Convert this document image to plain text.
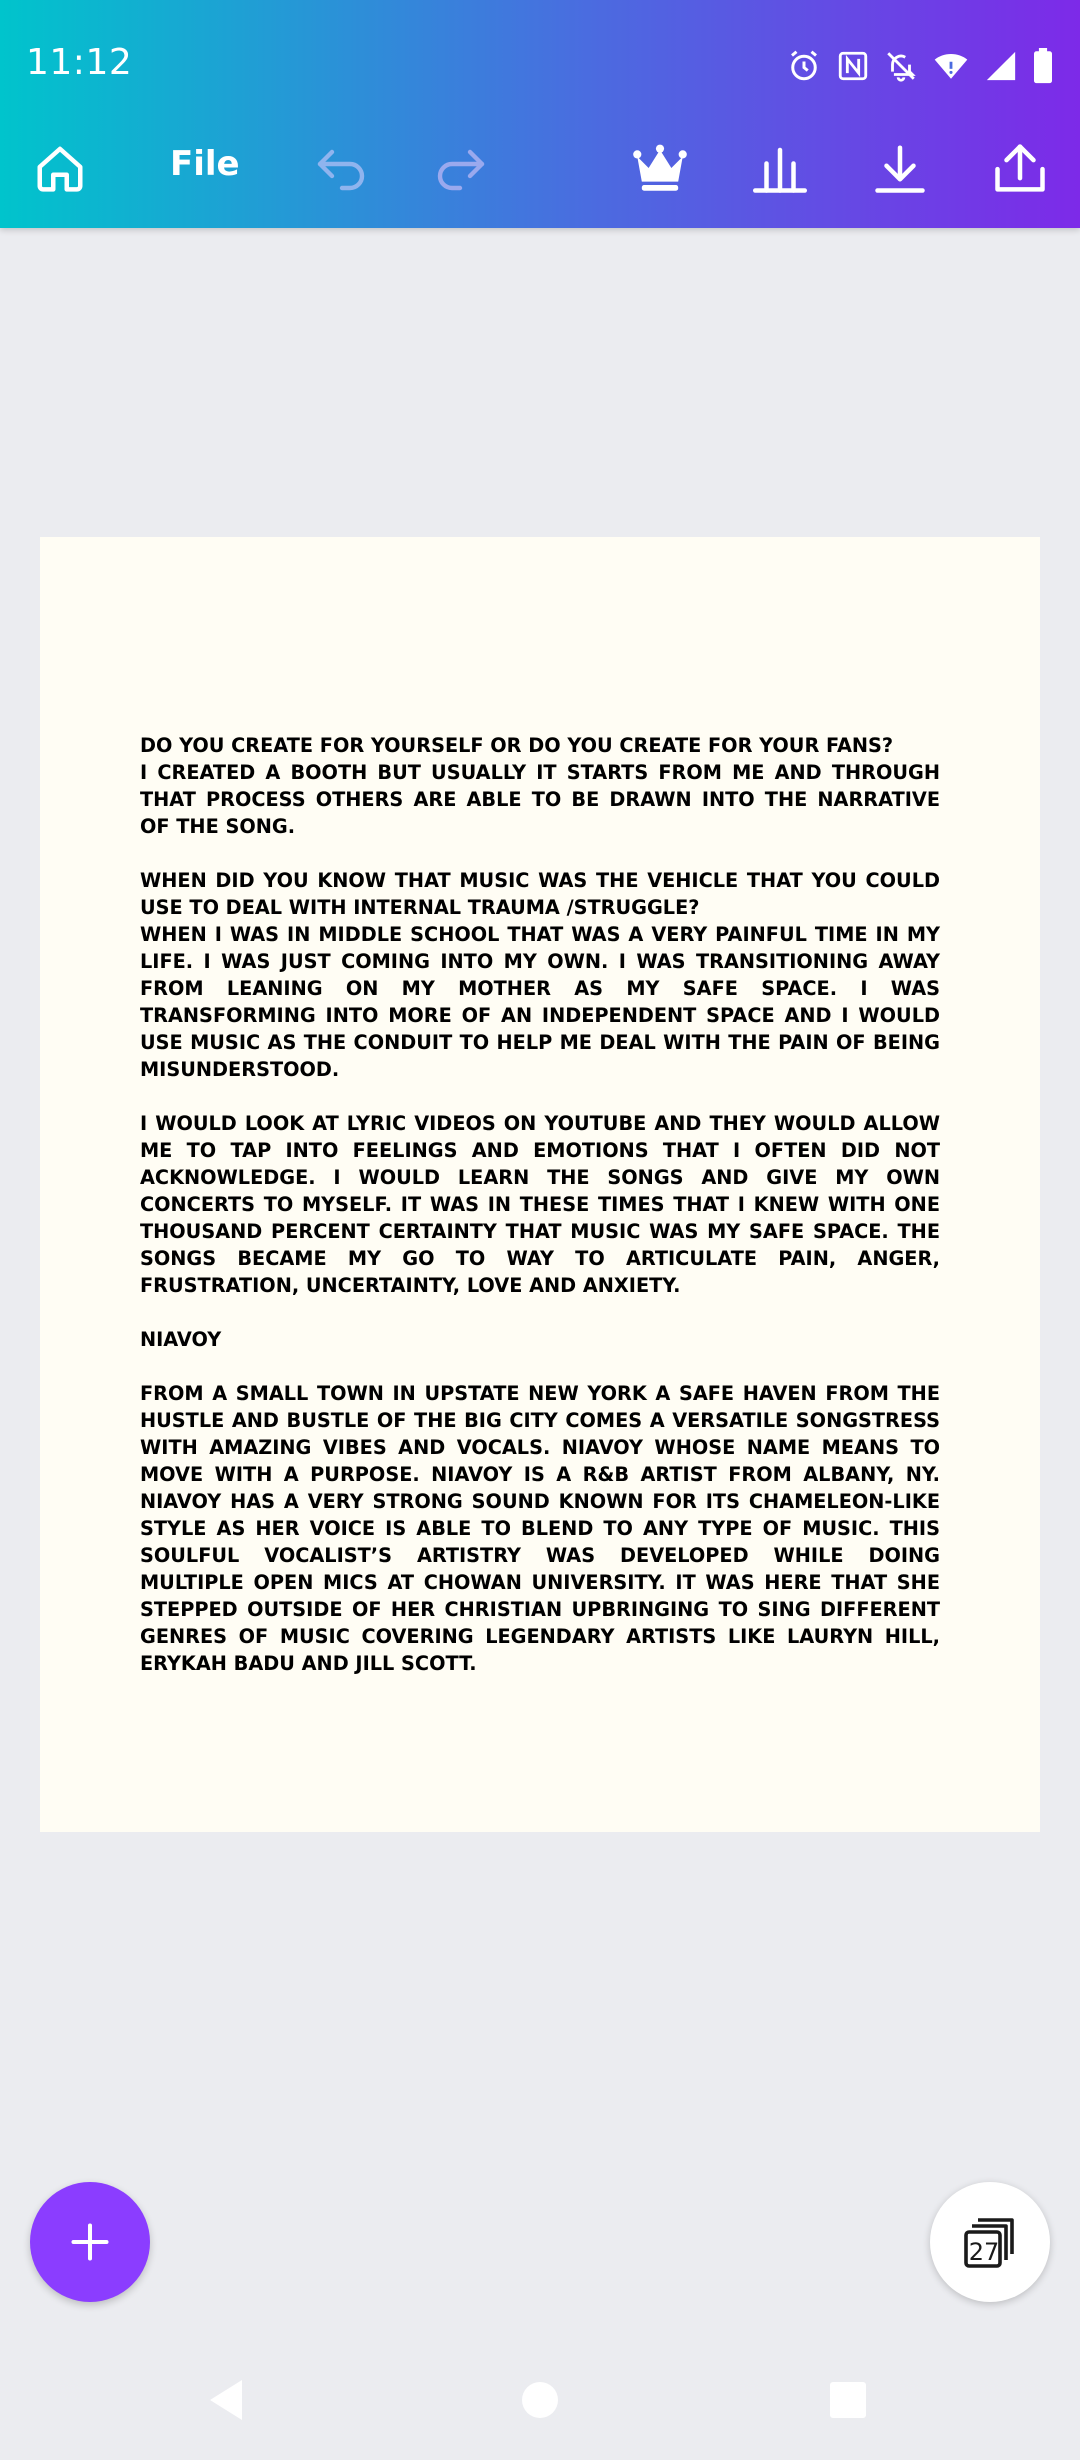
11:12
File

DO YOU CREATE FOR YOURSELF OR DO YOU CREATE FOR YOUR FANS?

I CREATED A BOOTH BUT USUALLY IT STARTS FROM ME AND THROUGH THAT PROCESS OTHERS ARE ABLE TO BE DRAWN INTO THE NARRATIVE OF THE SONG.

WHEN DID YOU KNOW THAT MUSIC WAS THE VEHICLE THAT YOU COULD USE TO DEAL WITH INTERNAL TRAUMA /STRUGGLE?

WHEN I WAS IN MIDDLE SCHOOL THAT WAS A VERY PAINFUL TIME IN MY LIFE. I WAS JUST COMING INTO MY OWN. I WAS TRANSITIONING AWAY FROM LEANING ON MY MOTHER AS MY SAFE SPACE. I WAS TRANSFORMING INTO MORE OF AN INDEPENDENT SPACE AND I WOULD USE MUSIC AS THE CONDUIT TO HELP ME DEAL WITH THE PAIN OF BEING MISUNDERSTOOD.

I WOULD LOOK AT LYRIC VIDEOS ON YOUTUBE AND THEY WOULD ALLOW ME TO TAP INTO FEELINGS AND EMOTIONS THAT I OFTEN DID NOT ACKNOWLEDGE. I WOULD LEARN THE SONGS AND GIVE MY OWN CONCERTS TO MYSELF. IT WAS IN THESE TIMES THAT I KNEW WITH ONE THOUSAND PERCENT CERTAINTY THAT MUSIC WAS MY SAFE SPACE. THE SONGS BECAME MY GO TO WAY TO ARTICULATE PAIN, ANGER, FRUSTRATION, UNCERTAINTY, LOVE AND ANXIETY.

NIAVOY

FROM A SMALL TOWN IN UPSTATE NEW YORK A SAFE HAVEN FROM THE HUSTLE AND BUSTLE OF THE BIG CITY COMES A VERSATILE SONGSTRESS WITH AMAZING VIBES AND VOCALS. NIAVOY WHOSE NAME MEANS TO MOVE WITH A PURPOSE. NIAVOY IS A R&B ARTIST FROM ALBANY, NY. NIAVOY HAS A VERY STRONG SOUND KNOWN FOR ITS CHAMELEON-LIKE STYLE AS HER VOICE IS ABLE TO BLEND TO ANY TYPE OF MUSIC. THIS SOULFUL VOCALIST’S ARTISTRY WAS DEVELOPED WHILE DOING MULTIPLE OPEN MICS AT CHOWAN UNIVERSITY. IT WAS HERE THAT SHE STEPPED OUTSIDE OF HER CHRISTIAN UPBRINGING TO SING DIFFERENT GENRES OF MUSIC COVERING LEGENDARY ARTISTS LIKE LAURYN HILL, ERYKAH BADU AND JILL SCOTT.

27
